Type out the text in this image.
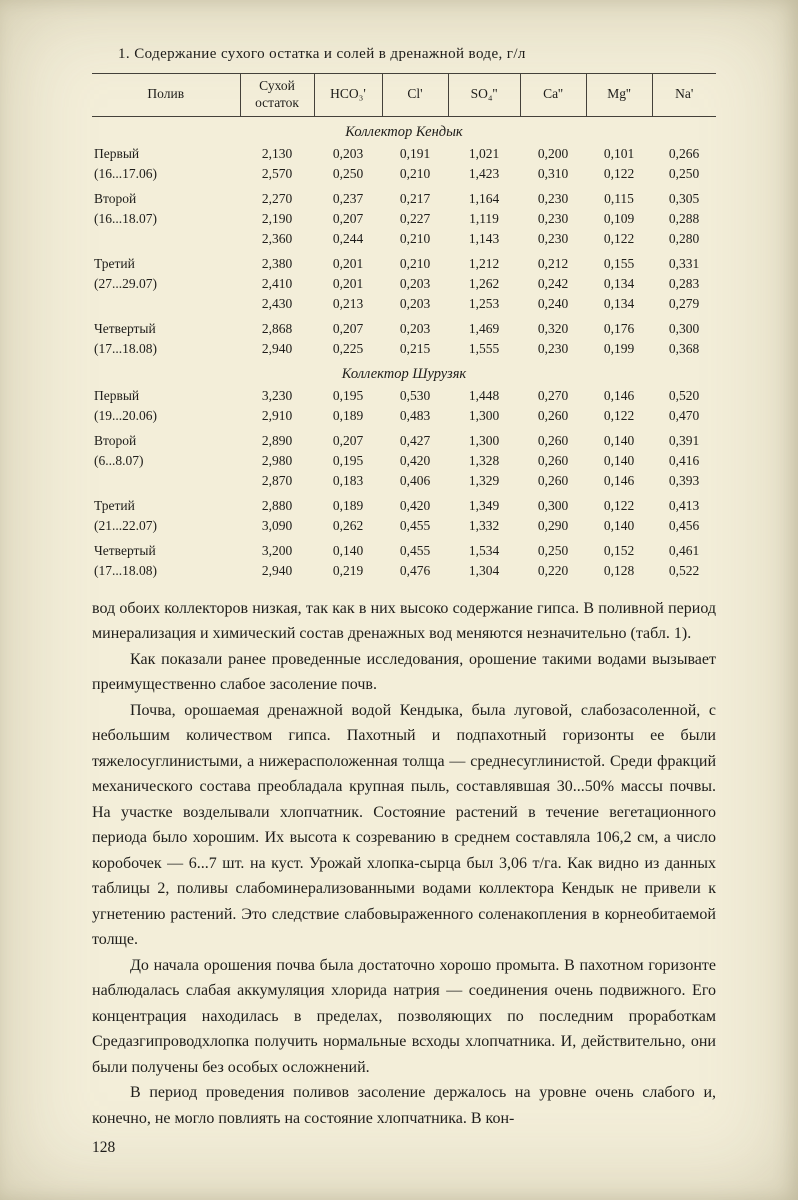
1. Содержание сухого остатка и солей в дренажной воде, г/л
Полив	Сухой остаток	HCO₃'	Cl'	SO₄''	Ca''	Mg''	Na'
Коллектор Кендык							
Первый	2,130	0,203	0,191	1,021	0,200	0,101	0,266
(16...17.06)	2,570	0,250	0,210	1,423	0,310	0,122	0,250
Второй	2,270	0,237	0,217	1,164	0,230	0,115	0,305
(16...18.07)	2,190	0,207	0,227	1,119	0,230	0,109	0,288
	2,360	0,244	0,210	1,143	0,230	0,122	0,280
Третий	2,380	0,201	0,210	1,212	0,212	0,155	0,331
(27...29.07)	2,410	0,201	0,203	1,262	0,242	0,134	0,283
	2,430	0,213	0,203	1,253	0,240	0,134	0,279
Четвертый	2,868	0,207	0,203	1,469	0,320	0,176	0,300
(17...18.08)	2,940	0,225	0,215	1,555	0,230	0,199	0,368
Коллектор Шурузяк							
Первый	3,230	0,195	0,530	1,448	0,270	0,146	0,520
(19...20.06)	2,910	0,189	0,483	1,300	0,260	0,122	0,470
Второй	2,890	0,207	0,427	1,300	0,260	0,140	0,391
(6...8.07)	2,980	0,195	0,420	1,328	0,260	0,140	0,416
	2,870	0,183	0,406	1,329	0,260	0,146	0,393
Третий	2,880	0,189	0,420	1,349	0,300	0,122	0,413
(21...22.07)	3,090	0,262	0,455	1,332	0,290	0,140	0,456
Четвертый	3,200	0,140	0,455	1,534	0,250	0,152	0,461
(17...18.08)	2,940	0,219	0,476	1,304	0,220	0,128	0,522

вод обоих коллекторов низкая, так как в них высоко содержание гипса. В поливной период минерализация и химический состав дренажных вод меняются незначительно (табл. 1).

Как показали ранее проведенные исследования, орошение такими водами вызывает преимущественно слабое засоление почв.

Почва, орошаемая дренажной водой Кендыка, была луговой, слабозасоленной, с небольшим количеством гипса. Пахотный и подпахотный горизонты ее были тяжелосуглинистыми, а нижерасположенная толща — среднесуглинистой. Среди фракций механического состава преобладала крупная пыль, составлявшая 30...50% массы почвы. На участке возделывали хлопчатник. Состояние растений в течение вегетационного периода было хорошим. Их высота к созреванию в среднем составляла 106,2 см, а число коробочек — 6...7 шт. на куст. Урожай хлопка-сырца был 3,06 т/га. Как видно из данных таблицы 2, поливы слабоминерализованными водами коллектора Кендык не привели к угнетению растений. Это следствие слабовыраженного соленакопления в корнеобитаемой толще.

До начала орошения почва была достаточно хорошо промыта. В пахотном горизонте наблюдалась слабая аккумуляция хлорида натрия — соединения очень подвижного. Его концентрация находилась в пределах, позволяющих по последним проработкам Средазгипроводхлопка получить нормальные всходы хлопчатника. И, действительно, они были получены без особых осложнений.

В период проведения поливов засоление держалось на уровне очень слабого и, конечно, не могло повлиять на состояние хлопчатника. В кон-

128
